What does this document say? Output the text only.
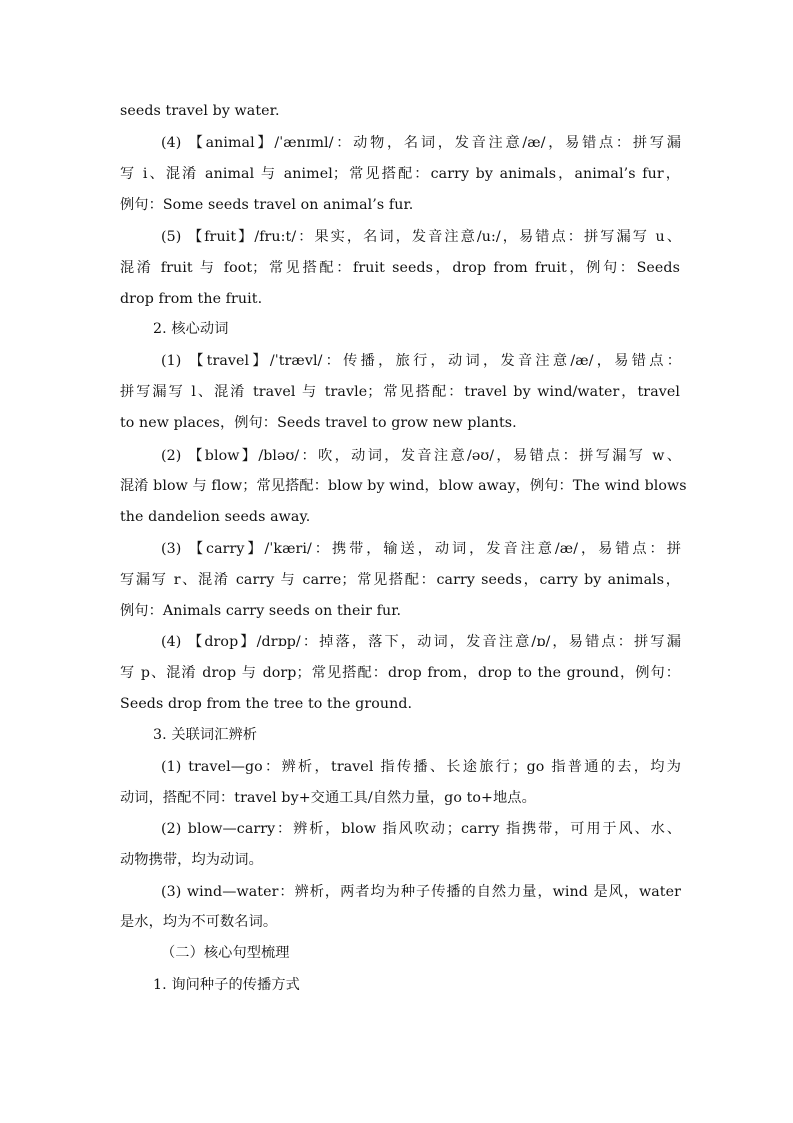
seeds travel by water.
(4) 【animal】/ˈænɪml/：动物，名词，发音注意/æ/，易错点：拼写漏
写 i、混淆 animal 与 animel；常见搭配：carry by animals，animal’s fur，
例句：Some seeds travel on animal’s fur.
(5) 【fruit】/fru:t/：果实，名词，发音注意/u:/，易错点：拼写漏写 u、
混淆 fruit 与 foot；常见搭配：fruit seeds，drop from fruit，例句：Seeds
drop from the fruit.
2. 核心动词
(1) 【travel】/ˈtrævl/：传播，旅行，动词，发音注意/æ/，易错点：
拼写漏写 l、混淆 travel 与 travle；常见搭配：travel by wind/water，travel
to new places，例句：Seeds travel to grow new plants.
(2) 【blow】/bləʊ/：吹，动词，发音注意/əʊ/，易错点：拼写漏写 w、
混淆 blow 与 flow；常见搭配：blow by wind，blow away，例句：The wind blows
the dandelion seeds away.
(3) 【carry】/ˈkæri/：携带，输送，动词，发音注意/æ/，易错点：拼
写漏写 r、混淆 carry 与 carre；常见搭配：carry seeds，carry by animals，
例句：Animals carry seeds on their fur.
(4) 【drop】/drɒp/：掉落，落下，动词，发音注意/ɒ/，易错点：拼写漏
写 p、混淆 drop 与 dorp；常见搭配：drop from，drop to the ground，例句：
Seeds drop from the tree to the ground.
3. 关联词汇辨析
(1) travel—go：辨析，travel 指传播、长途旅行；go 指普通的去，均为
动词，搭配不同：travel by+交通工具/自然力量，go to+地点。
(2) blow—carry：辨析，blow 指风吹动；carry 指携带，可用于风、水、
动物携带，均为动词。
(3) wind—water：辨析，两者均为种子传播的自然力量，wind 是风，water
是水，均为不可数名词。
（二）核心句型梳理
1. 询问种子的传播方式
